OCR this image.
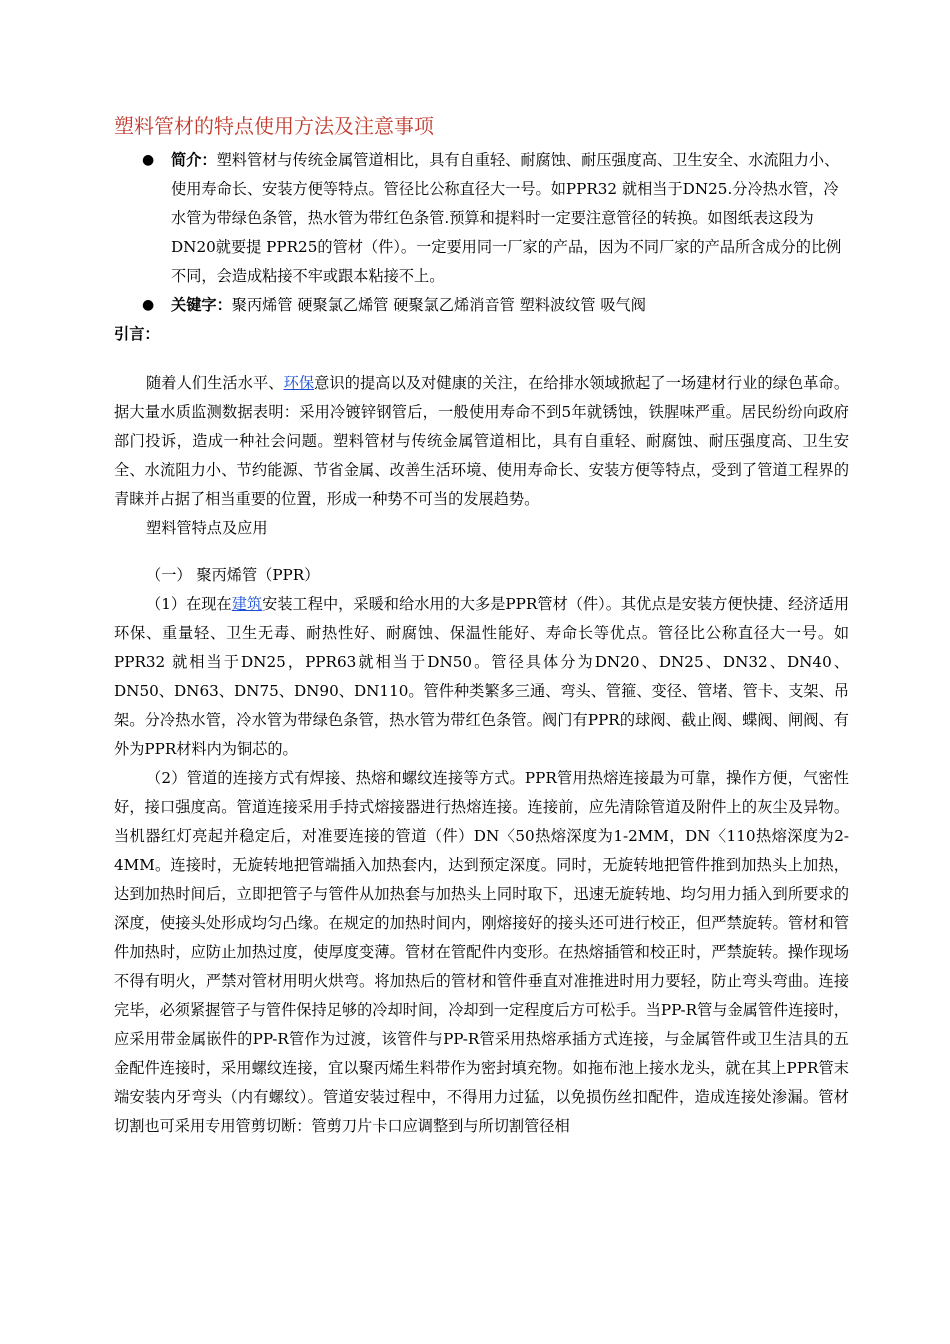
塑料管材的特点使用方法及注意事项
● 简介：塑料管材与传统金属管道相比，具有自重轻、耐腐蚀、耐压强度高、卫生安全、水流阻力小、使用寿命长、安装方便等特点。管径比公称直径大一号。如PPR32 就相当于DN25.分冷热水管，冷水管为带绿色条管，热水管为带红色条管.预算和提料时一定要注意管径的转换。如图纸表这段为DN20就要提 PPR25的管材（件）。一定要用同一厂家的产品，因为不同厂家的产品所含成分的比例不同，会造成粘接不牢或跟本粘接不上。
● 关键字：聚丙烯管 硬聚氯乙烯管 硬聚氯乙烯消音管 塑料波纹管 吸气阀
引言：

随着人们生活水平、环保意识的提高以及对健康的关注，在给排水领域掀起了一场建材行业的绿色革命。据大量水质监测数据表明：采用冷镀锌钢管后，一般使用寿命不到5年就锈蚀，铁腥味严重。居民纷纷向政府部门投诉，造成一种社会问题。塑料管材与传统金属管道相比，具有自重轻、耐腐蚀、耐压强度高、卫生安全、水流阻力小、节约能源、节省金属、改善生活环境、使用寿命长、安装方便等特点，受到了管道工程界的青睐并占据了相当重要的位置，形成一种势不可当的发展趋势。

塑料管特点及应用

（一） 聚丙烯管（PPR）

（1）在现在建筑安装工程中，采暖和给水用的大多是PPR管材（件）。其优点是安装方便快捷、经济适用环保、重量轻、卫生无毒、耐热性好、耐腐蚀、保温性能好、寿命长等优点。管径比公称直径大一号。如PPR32 就相当于DN25，PPR63就相当于DN50。管径具体分为DN20、DN25、DN32、DN40、DN50、DN63、DN75、DN90、DN110。管件种类繁多三通、弯头、管箍、变径、管堵、管卡、支架、吊架。分冷热水管，冷水管为带绿色条管，热水管为带红色条管。阀门有PPR的球阀、截止阀、蝶阀、闸阀、有外为PPR材料内为铜芯的。

（2）管道的连接方式有焊接、热熔和螺纹连接等方式。PPR管用热熔连接最为可靠，操作方便，气密性好，接口强度高。管道连接采用手持式熔接器进行热熔连接。连接前，应先清除管道及附件上的灰尘及异物。当机器红灯亮起并稳定后，对准要连接的管道（件）DN〈50热熔深度为1-2MM，DN〈110热熔深度为2-4MM。连接时，无旋转地把管端插入加热套内，达到预定深度。同时，无旋转地把管件推到加热头上加热，达到加热时间后，立即把管子与管件从加热套与加热头上同时取下，迅速无旋转地、均匀用力插入到所要求的深度，使接头处形成均匀凸缘。在规定的加热时间内，刚熔接好的接头还可进行校正，但严禁旋转。管材和管件加热时，应防止加热过度，使厚度变薄。管材在管配件内变形。在热熔插管和校正时，严禁旋转。操作现场不得有明火，严禁对管材用明火烘弯。将加热后的管材和管件垂直对准推进时用力要轻，防止弯头弯曲。连接完毕，必须紧握管子与管件保持足够的冷却时间，冷却到一定程度后方可松手。当PP-R管与金属管件连接时，应采用带金属嵌件的PP-R管作为过渡，该管件与PP-R管采用热熔承插方式连接，与金属管件或卫生洁具的五金配件连接时，采用螺纹连接，宜以聚丙烯生料带作为密封填充物。如拖布池上接水龙头，就在其上PPR管末端安装内牙弯头（内有螺纹）。管道安装过程中，不得用力过猛，以免损伤丝扣配件，造成连接处渗漏。管材切割也可采用专用管剪切断：管剪刀片卡口应调整到与所切割管径相
